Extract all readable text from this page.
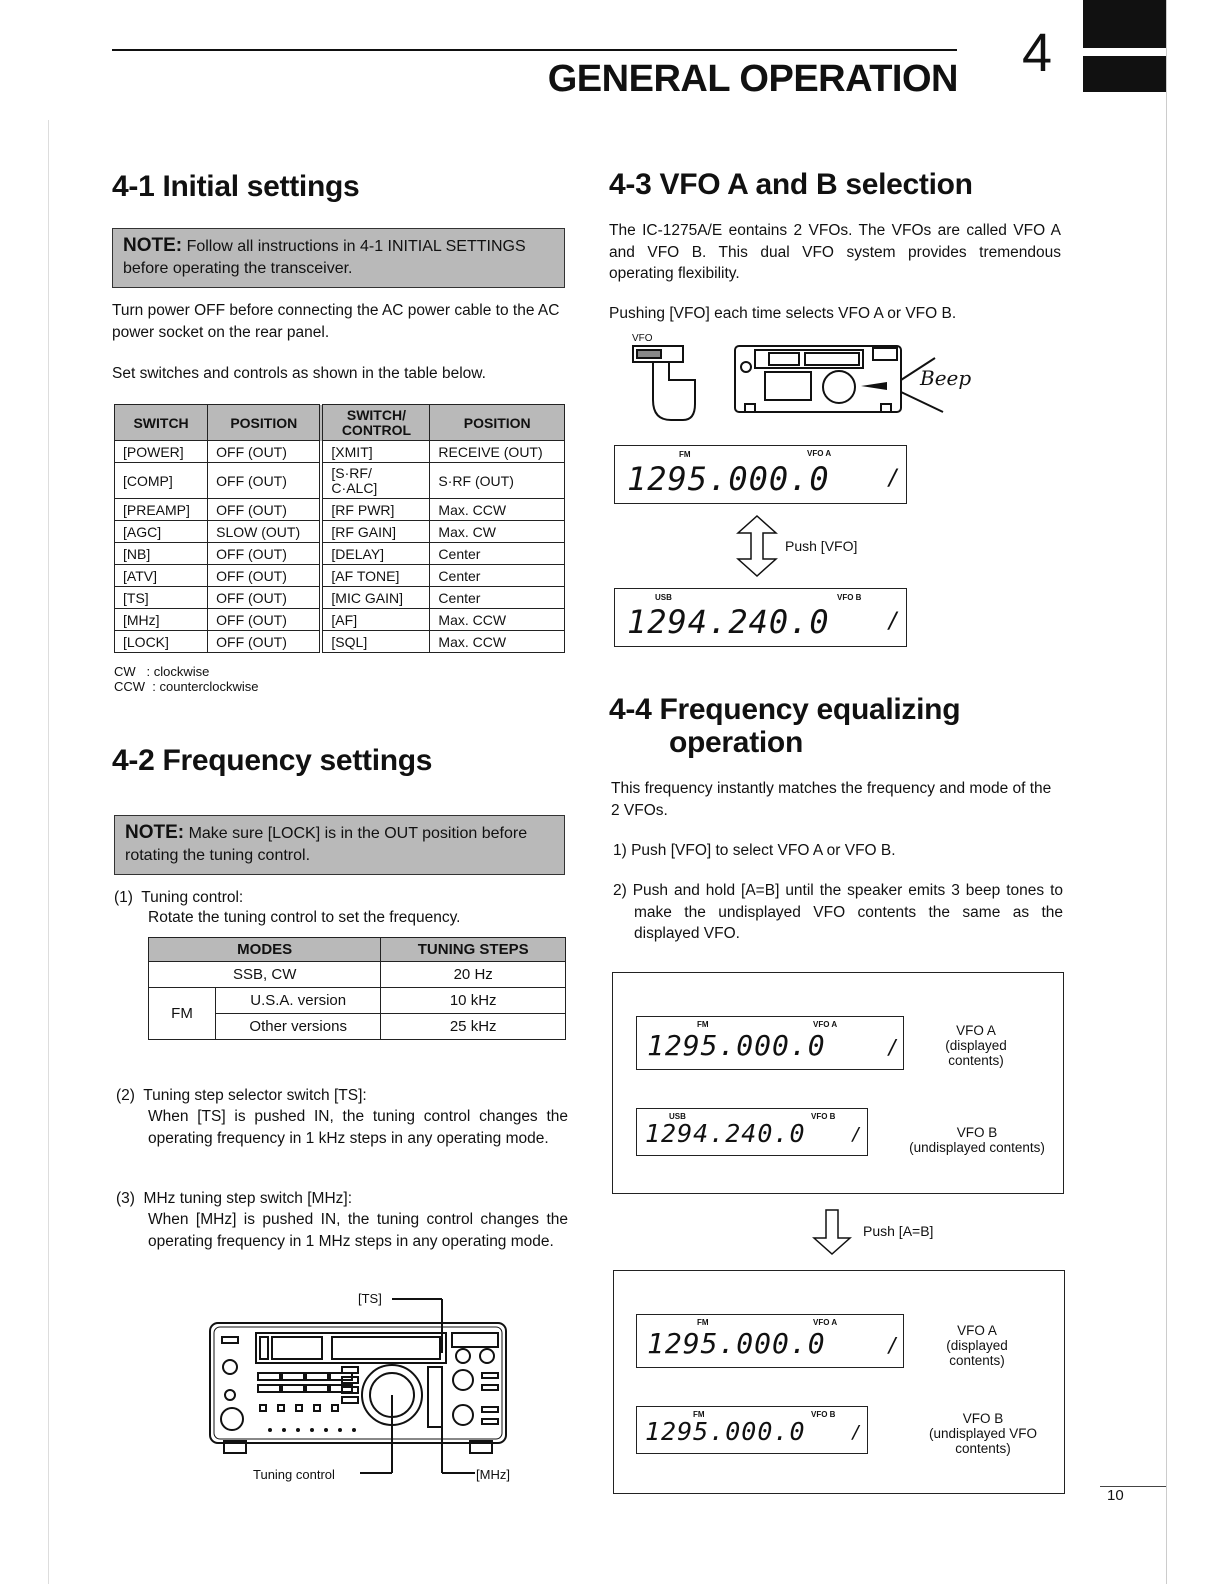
GENERAL OPERATION 4
4-1 Initial settings
NOTE: Follow all instructions in 4-1 INITIAL SETTINGS before operating the transceiver.
Turn power OFF before connecting the AC power cable to the AC power socket on the rear panel.
Set switches and controls as shown in the table below.
SWITCH	POSITION	SWITCH/ CONTROL	POSITION
[POWER]	OFF (OUT)	[XMIT]	RECEIVE (OUT)
[COMP]	OFF (OUT)	[S·RF/ C·ALC]	S·RF (OUT)
[PREAMP]	OFF (OUT)	[RF PWR]	Max. CCW
[AGC]	SLOW (OUT)	[RF GAIN]	Max. CW
[NB]	OFF (OUT)	[DELAY]	Center
[ATV]	OFF (OUT)	[AF TONE]	Center
[TS]	OFF (OUT)	[MIC GAIN]	Center
[MHz]	OFF (OUT)	[AF]	Max. CCW
[LOCK]	OFF (OUT)	[SQL]	Max. CCW
CW   : clockwise
CCW  : counterclockwise
4-2 Frequency settings
NOTE: Make sure [LOCK] is in the OUT position before rotating the tuning control.
(1)  Tuning control:
Rotate the tuning control to set the frequency.
MODES		TUNING STEPS
SSB, CW		20 Hz
FM	U.S.A. version	10 kHz
	Other versions	25 kHz
(2)  Tuning step selector switch [TS]:
When [TS] is pushed IN, the tuning control changes the operating frequency in 1 kHz steps in any operating mode.
(3)  MHz tuning step switch [MHz]:
When [MHz] is pushed IN, the tuning control changes the operating frequency in 1 MHz steps in any operating mode.
[TS]
Tuning control	[MHz]
4-3 VFO A and B selection
The IC-1275A/E eontains 2 VFOs. The VFOs are called VFO A and VFO B. This dual VFO system provides tremendous operating flexibility.
Pushing [VFO] each time selects VFO A or VFO B.
VFO
Beep
FM	VFO A
1295.000.0	/
Push [VFO]
USB	VFO B
1294.240.0	/
4-4 Frequency equalizing
operation
This frequency instantly matches the frequency and mode of the 2 VFOs.
1) Push [VFO] to select VFO A or VFO B.
2) Push and hold [A=B] until the speaker emits 3 beep tones to make the undisplayed VFO contents the same as the displayed VFO.
FM	VFO A
1295.000.0	/
VFO A
(displayed
contents)
USB	VFO B
1294.240.0	/	VFO B
(undisplayed contents)
Push [A=B]
FM	VFO A
1295.000.0	/
VFO A
(displayed
contents)
FM	VFO B
1295.000.0	/
VFO B
(undisplayed VFO
contents)
10
